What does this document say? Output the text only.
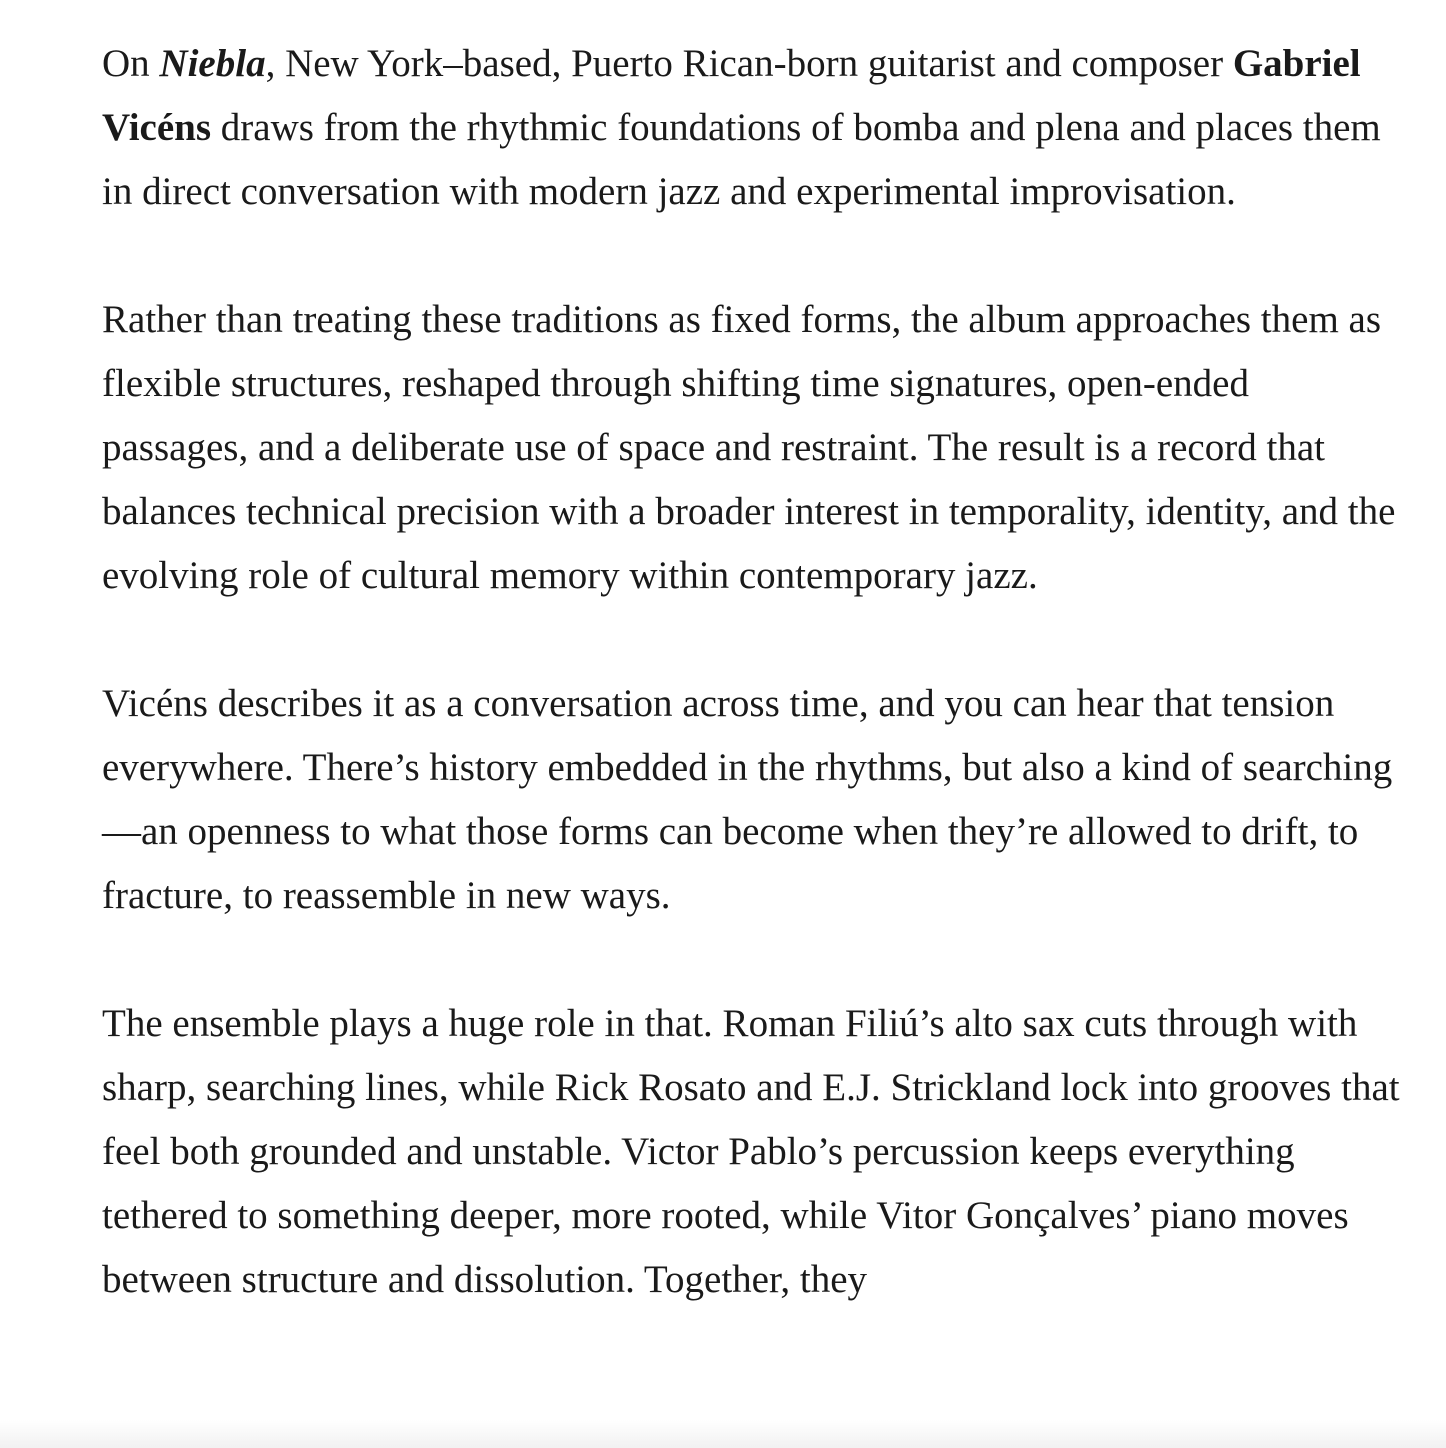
On Niebla, New York–based, Puerto Rican-born guitarist and composer Gabriel Vicéns draws from the rhythmic foundations of bomba and plena and places them in direct conversation with modern jazz and experimental improvisation.

Rather than treating these traditions as fixed forms, the album approaches them as flexible structures, reshaped through shifting time signatures, open-ended passages, and a deliberate use of space and restraint. The result is a record that balances technical precision with a broader interest in temporality, identity, and the evolving role of cultural memory within contemporary jazz.

Vicéns describes it as a conversation across time, and you can hear that tension everywhere. There’s history embedded in the rhythms, but also a kind of searching—an openness to what those forms can become when they’re allowed to drift, to fracture, to reassemble in new ways.

The ensemble plays a huge role in that. Roman Filiú’s alto sax cuts through with sharp, searching lines, while Rick Rosato and E.J. Strickland lock into grooves that feel both grounded and unstable. Victor Pablo’s percussion keeps everything tethered to something deeper, more rooted, while Vitor Gonçalves’ piano moves between structure and dissolution. Together, they
